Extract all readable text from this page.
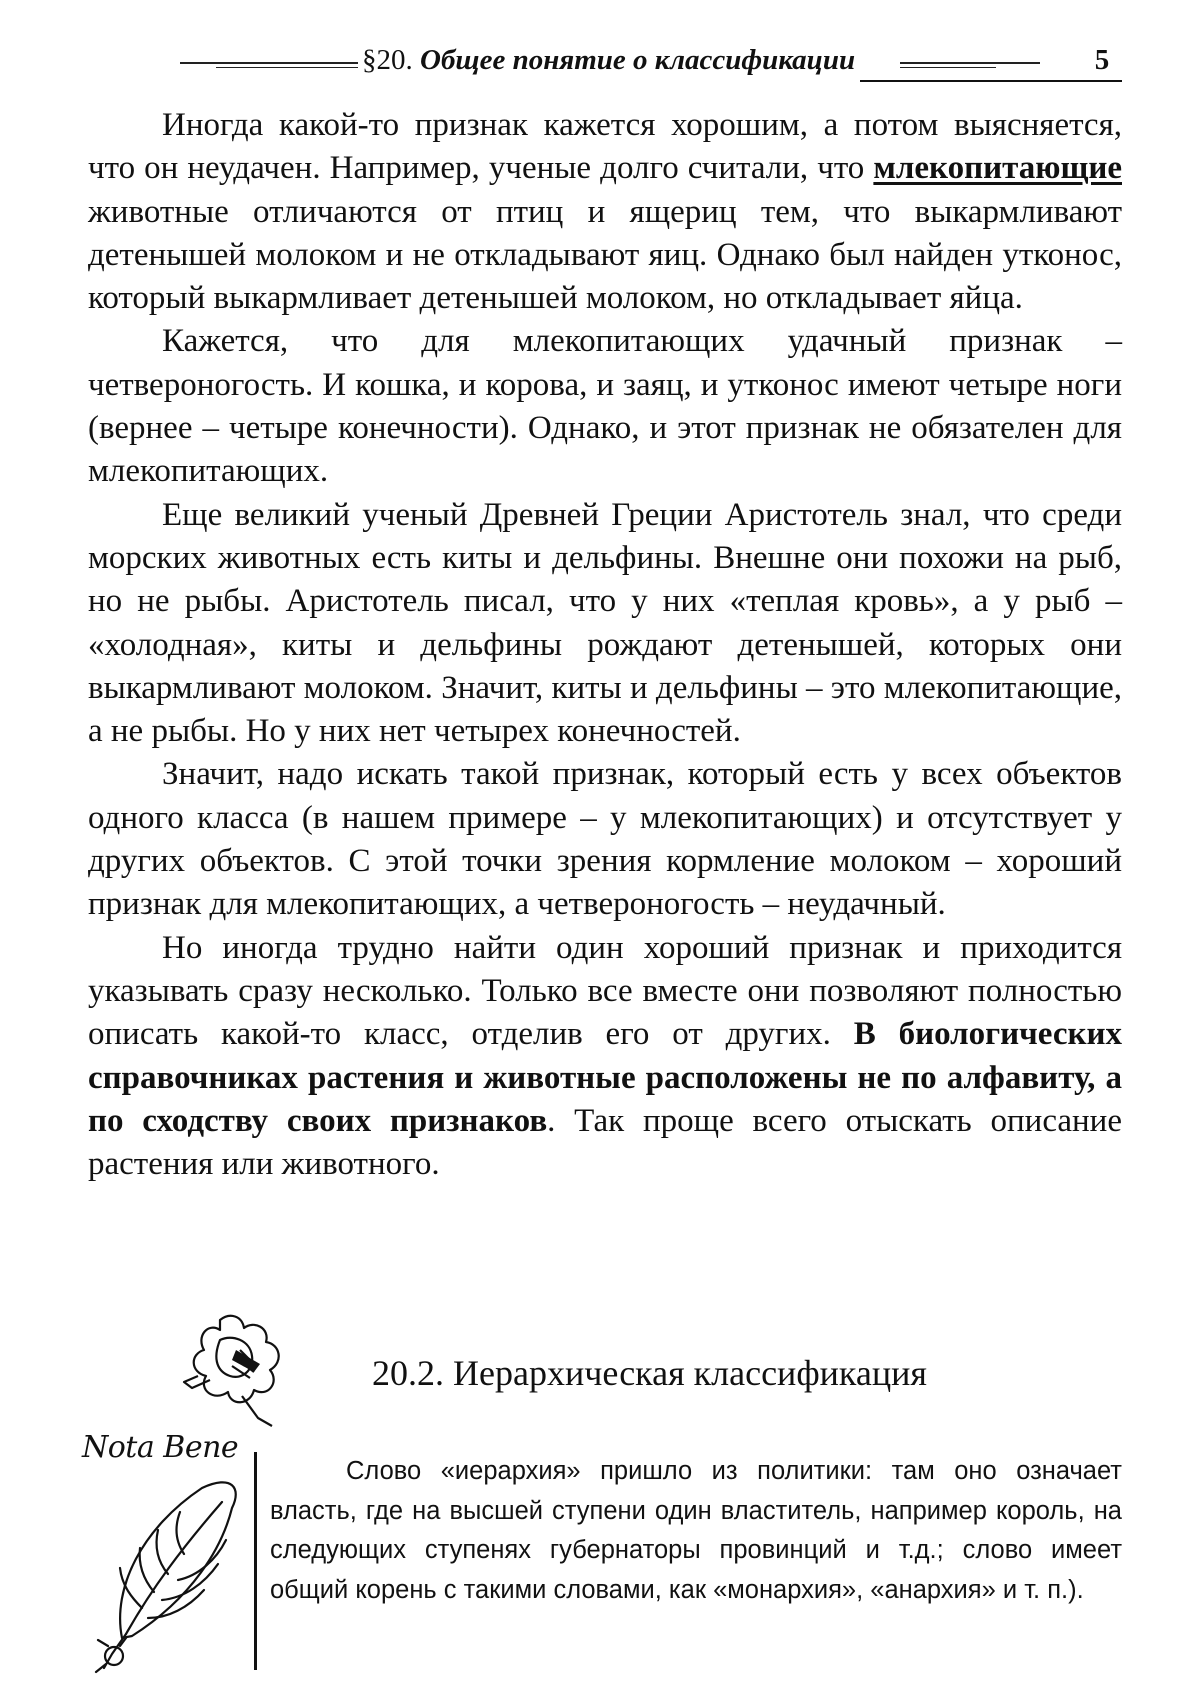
§20. Общее понятие о классификации	5

Иногда какой-то признак кажется хорошим, а потом выясняется, что он неудачен. Например, ученые долго считали, что млекопитающие животные отличаются от птиц и ящериц тем, что выкармливают детенышей молоком и не откладывают яиц. Однако был найден утконос, который выкармливает детенышей молоком, но откладывает яйца.

Кажется, что для млекопитающих удачный признак – четвероногость. И кошка, и корова, и заяц, и утконос имеют четыре ноги (вернее – четыре конечности). Однако, и этот признак не обязателен для млекопитающих.

Еще великий ученый Древней Греции Аристотель знал, что среди морских животных есть киты и дельфины. Внешне они похожи на рыб, но не рыбы. Аристотель писал, что у них «теплая кровь», а у рыб – «холодная», киты и дельфины рождают детенышей, которых они выкармливают молоком. Значит, киты и дельфины – это млекопитающие, а не рыбы. Но у них нет четырех конечностей.

Значит, надо искать такой признак, который есть у всех объектов одного класса (в нашем примере – у млекопитающих) и отсутствует у других объектов. С этой точки зрения кормление молоком – хороший признак для млекопитающих, а четвероногость – неудачный.

Но иногда трудно найти один хороший признак и приходится указывать сразу несколько. Только все вместе они позволяют полностью описать какой-то класс, отделив его от других. В биологических справочниках растения и животные расположены не по алфавиту, а по сходству своих признаков. Так проще всего отыскать описание растения или животного.

20.2. Иерархическая классификация
Nota Bene

Слово «иерархия» пришло из политики: там оно означает власть, где на высшей ступени один властитель, например король, на следующих ступенях губернаторы провинций и т.д.; слово имеет общий корень с такими словами, как «монархия», «анархия» и т. п.).
